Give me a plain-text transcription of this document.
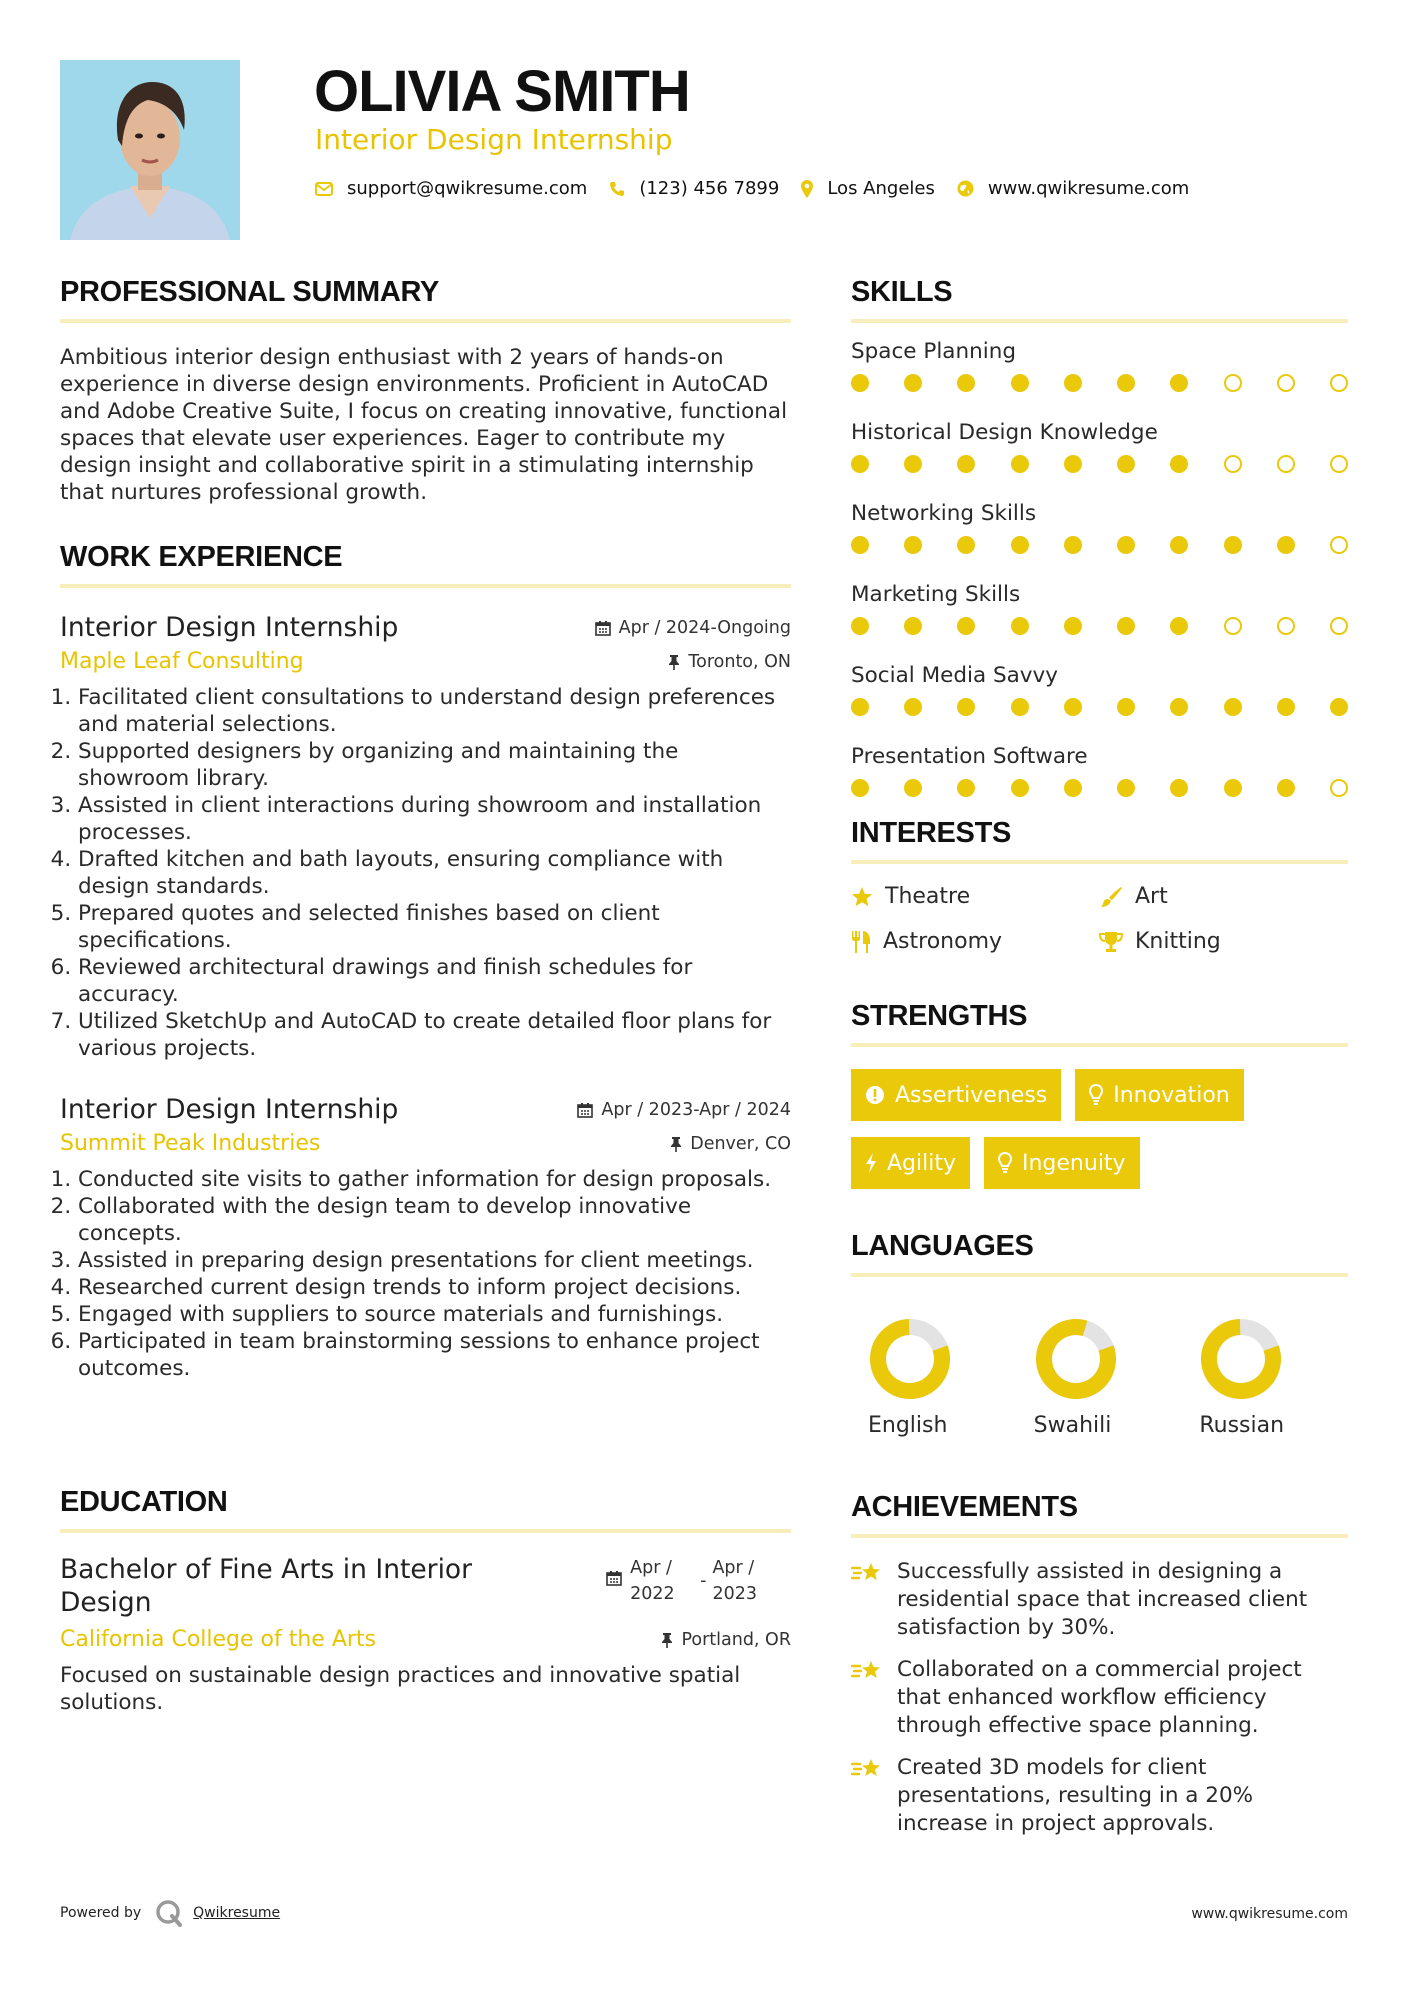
OLIVIA SMITH
Interior Design Internship
support@qwikresume.com	(123) 456 7899	Los Angeles	www.qwikresume.com
PROFESSIONAL SUMMARY
Ambitious interior design enthusiast with 2 years of hands-on experience in diverse design environments. Proficient in AutoCAD and Adobe Creative Suite, I focus on creating innovative, functional spaces that elevate user experiences. Eager to contribute my design insight and collaborative spirit in a stimulating internship that nurtures professional growth.
WORK EXPERIENCE
Interior Design Internship	Apr / 2024-Ongoing
Maple Leaf Consulting	Toronto, ON
1. Facilitated client consultations to understand design preferences and material selections.
2. Supported designers by organizing and maintaining the showroom library.
3. Assisted in client interactions during showroom and installation processes.
4. Drafted kitchen and bath layouts, ensuring compliance with design standards.
5. Prepared quotes and selected finishes based on client specifications.
6. Reviewed architectural drawings and finish schedules for accuracy.
7. Utilized SketchUp and AutoCAD to create detailed floor plans for various projects.
Interior Design Internship	Apr / 2023-Apr / 2024
Summit Peak Industries	Denver, CO
1. Conducted site visits to gather information for design proposals.
2. Collaborated with the design team to develop innovative concepts.
3. Assisted in preparing design presentations for client meetings.
4. Researched current design trends to inform project decisions.
5. Engaged with suppliers to source materials and furnishings.
6. Participated in team brainstorming sessions to enhance project outcomes.
EDUCATION
Bachelor of Fine Arts in Interior
Design
Apr /
2022
-
Apr /
2023
California College of the Arts	Portland, OR
Focused on sustainable design practices and innovative spatial solutions.
SKILLS
Space Planning
Historical Design Knowledge
Networking Skills
Marketing Skills
Social Media Savvy
Presentation Software
INTERESTS
Theatre	Art
Astronomy	Knitting
STRENGTHS
Assertiveness	Innovation
Agility	Ingenuity
LANGUAGES
English	Swahili	Russian
ACHIEVEMENTS
Successfully assisted in designing a residential space that increased client satisfaction by 30%.
Collaborated on a commercial project that enhanced workflow efficiency through effective space planning.
Created 3D models for client presentations, resulting in a 20% increase in project approvals.
Powered by	Qwikresume	www.qwikresume.com
